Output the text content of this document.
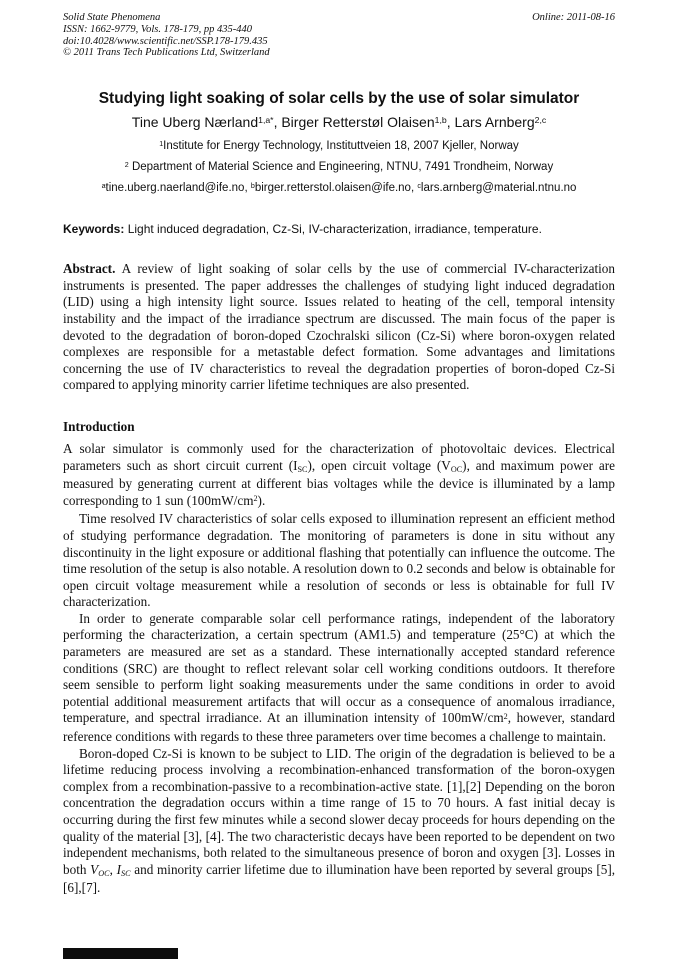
Solid State Phenomena
ISSN: 1662-9779, Vols. 178-179, pp 435-440
doi:10.4028/www.scientific.net/SSP.178-179.435
© 2011 Trans Tech Publications Ltd, Switzerland
Online: 2011-08-16
Studying light soaking of solar cells by the use of solar simulator
Tine Uberg Nærland$^{1,a*}$, Birger Retterstøl Olaisen$^{1,b}$, Lars Arnberg$^{2,c}$
$^1$Institute for Energy Technology, Instituttveien 18, 2007 Kjeller, Norway
$^2$ Department of Material Science and Engineering, NTNU, 7491 Trondheim, Norway
$^a$tine.uberg.naerland@ife.no, $^b$birger.retterstol.olaisen@ife.no, $^c$lars.arnberg@material.ntnu.no

Keywords: Light induced degradation, Cz-Si, IV-characterization, irradiance, temperature.

Abstract. A review of light soaking of solar cells by the use of commercial IV-characterization instruments is presented. The paper addresses the challenges of studying light induced degradation (LID) using a high intensity light source. Issues related to heating of the cell, temporal intensity instability and the impact of the irradiance spectrum are discussed. The main focus of the paper is devoted to the degradation of boron-doped Czochralski silicon (Cz-Si) where boron-oxygen related complexes are responsible for a metastable defect formation. Some advantages and limitations concerning the use of IV characteristics to reveal the degradation properties of boron-doped Cz-Si compared to applying minority carrier lifetime techniques are also presented.

Introduction

A solar simulator is commonly used for the characterization of photovoltaic devices. Electrical parameters such as short circuit current (ISC), open circuit voltage (VOC), and maximum power are measured by generating current at different bias voltages while the device is illuminated by a lamp corresponding to 1 sun $(100mW/cm^2)$.

Time resolved IV characteristics of solar cells exposed to illumination represent an efficient method of studying performance degradation. The monitoring of parameters is done in situ without any discontinuity in the light exposure or additional flashing that potentially can influence the outcome. The time resolution of the setup is also notable. A resolution down to 0.2 seconds and below is obtainable for open circuit voltage measurement while a resolution of seconds or less is obtainable for full IV characterization.

In order to generate comparable solar cell performance ratings, independent of the laboratory performing the characterization, a certain spectrum (AM1.5) and temperature (25°C) at which the parameters are measured are set as a standard. These internationally accepted standard reference conditions (SRC) are thought to reflect relevant solar cell working conditions outdoors. It therefore seem sensible to perform light soaking measurements under the same conditions in order to avoid potential additional measurement artifacts that will occur as a consequence of anomalous irradiance, temperature, and spectral irradiance. At an illumination intensity of $100mW/cm^2$, however, standard reference conditions with regards to these three parameters over time becomes a challenge to maintain.

Boron-doped Cz-Si is known to be subject to LID. The origin of the degradation is believed to be a lifetime reducing process involving a recombination-enhanced transformation of the boron-oxygen complex from a recombination-passive to a recombination-active state. [1],[2] Depending on the boron concentration the degradation occurs within a time range of 15 to 70 hours. A fast initial decay is occurring during the first few minutes while a second slower decay proceeds for hours depending on the quality of the material [3], [4]. The two characteristic decays have been reported to be dependent on two independent mechanisms, both related to the simultaneous presence of boron and oxygen [3]. Losses in both VOC, ISC and minority carrier lifetime due to illumination have been reported by several groups [5],[6],[7].
